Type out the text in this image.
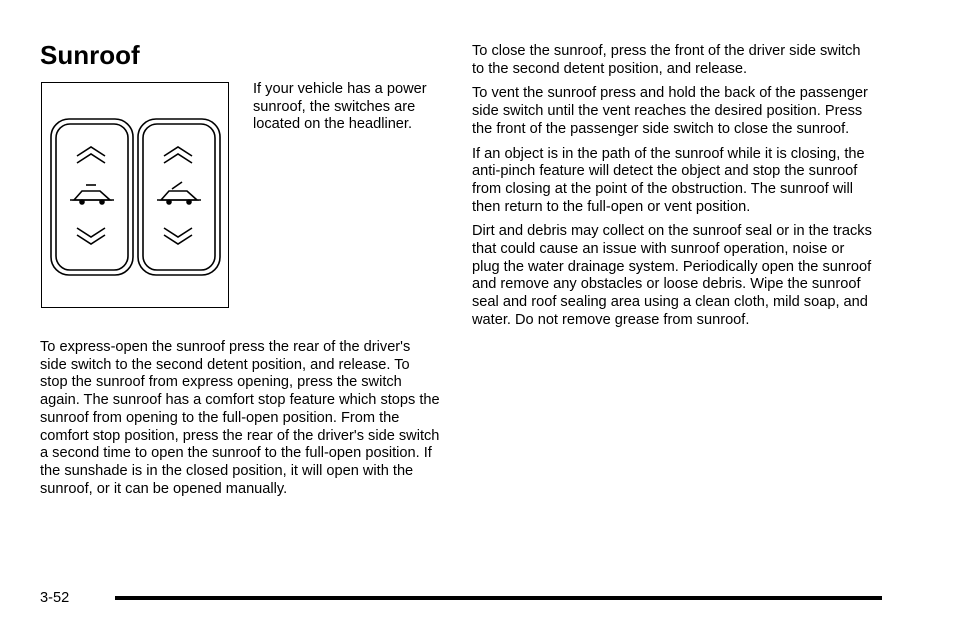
Sunroof

If your vehicle has a power sunroof, the switches are located on the headliner.

To express-open the sunroof press the rear of the driver's side switch to the second detent position, and release. To stop the sunroof from express opening, press the switch again. The sunroof has a comfort stop feature which stops the sunroof from opening to the full-open position. From the comfort stop position, press the rear of the driver's side switch a second time to open the sunroof to the full-open position. If the sunshade is in the closed position, it will open with the sunroof, or it can be opened manually.

To close the sunroof, press the front of the driver side switch to the second detent position, and release.

To vent the sunroof press and hold the back of the passenger side switch until the vent reaches the desired position. Press the front of the passenger side switch to close the sunroof.

If an object is in the path of the sunroof while it is closing, the anti-pinch feature will detect the object and stop the sunroof from closing at the point of the obstruction. The sunroof will then return to the full-open or vent position.

Dirt and debris may collect on the sunroof seal or in the tracks that could cause an issue with sunroof operation, noise or plug the water drainage system. Periodically open the sunroof and remove any obstacles or loose debris. Wipe the sunroof seal and roof sealing area using a clean cloth, mild soap, and water. Do not remove grease from sunroof.

3-52
